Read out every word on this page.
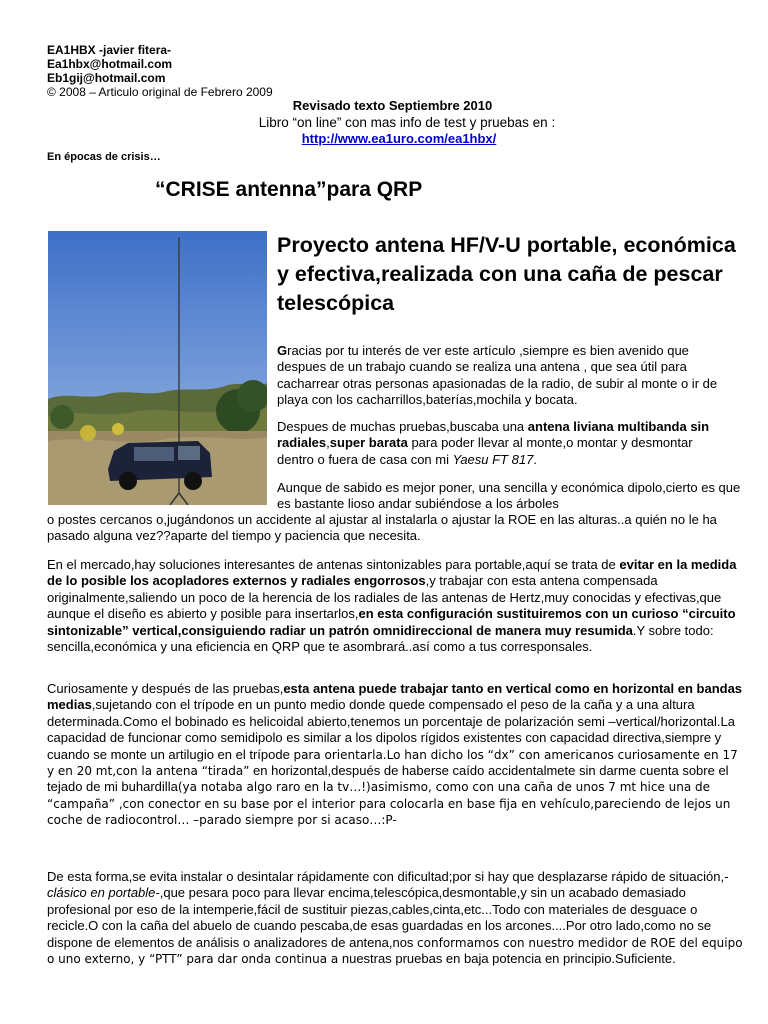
EA1HBX -javier fitera-
Ea1hbx@hotmail.com
Eb1gij@hotmail.com
© 2008 – Articulo original de Febrero 2009
Revisado texto Septiembre 2010
Libro “on line” con mas info de test y pruebas en :
http://www.ea1uro.com/ea1hbx/
En épocas de crisis…
“CRISE antenna”para QRP
Proyecto antena HF/V-U portable, económica y efectiva,realizada con una caña de pescar telescópica
Gracias por tu interés de ver este artículo ,siempre es bien avenido que despues de un trabajo cuando se realiza una antena , que sea útil para cacharrear otras personas apasionadas de la radio, de subir al monte o ir de playa con los cacharrillos,baterías,mochila y bocata.
Despues de muchas pruebas,buscaba una antena liviana multibanda sin radiales,super barata para poder llevar al monte,o montar y desmontar dentro o fuera de casa con mi Yaesu FT 817.
Aunque de sabido es mejor poner, una sencilla y económica dipolo,cierto es que es bastante lioso andar subiéndose a los árboles
o postes cercanos o,jugándonos un accidente al ajustar al instalarla o ajustar la ROE en las alturas..a quién no le ha pasado alguna vez??aparte del tiempo y paciencia que necesita.
En el mercado,hay soluciones interesantes de antenas sintonizables para portable,aquí se trata de evitar en la medida de lo posible los acopladores externos y radiales engorrosos,y trabajar con esta antena compensada originalmente,saliendo un poco de la herencia de los radiales de las antenas de Hertz,muy conocidas y efectivas,que aunque el diseño es abierto y posible para insertarlos,en esta configuración sustituiremos con un curioso “circuito sintonizable” vertical,consiguiendo radiar un patrón omnidireccional de manera muy resumida.Y sobre todo: sencilla,económica y una eficiencia en QRP que te asombrará..así como a tus corresponsales.
Curiosamente y después de las pruebas,esta antena puede trabajar tanto en vertical como en horizontal en bandas medias,sujetando con el trípode en un punto medio donde quede compensado el peso de la caña y a una altura determinada.Como el bobinado es helicoidal abierto,tenemos un porcentaje de polarización semi –vertical/horizontal.La capacidad de funcionar como semidipolo es similar a los dipolos rígidos existentes con capacidad directiva,siempre y cuando se monte un artilugio en el trípode para orientarla.Lo han dicho los “dx” con americanos curiosamente en 17 y en 20 mt,con la antena “tirada” en horizontal,después de haberse caído accidentalmete sin darme cuenta sobre el tejado de mi buhardilla(ya notaba algo raro en la tv…!)asimismo, como con una caña de unos 7 mt hice una de “campaña” ,con conector en su base por el interior para colocarla en base fija en vehículo,pareciendo de lejos un coche de radiocontrol… –parado siempre por si acaso…:P-
De esta forma,se evita instalar o desintalar rápidamente con dificultad;por si hay que desplazarse rápido de situación,-clásico en portable-,que pesara poco para llevar encima,telescópica,desmontable,y sin un acabado demasiado profesional por eso de la intemperie,fácil de sustituir piezas,cables,cinta,etc...Todo con materiales de desguace o recicle.O con la caña del abuelo de cuando pescaba,de esas guardadas en los arcones....Por otro lado,como no se dispone de elementos de análisis o analizadores de antena,nos conformamos con nuestro medidor de ROE del equipo o uno externo, y “PTT” para dar onda continua a nuestras pruebas en baja potencia en principio.Suficiente.
